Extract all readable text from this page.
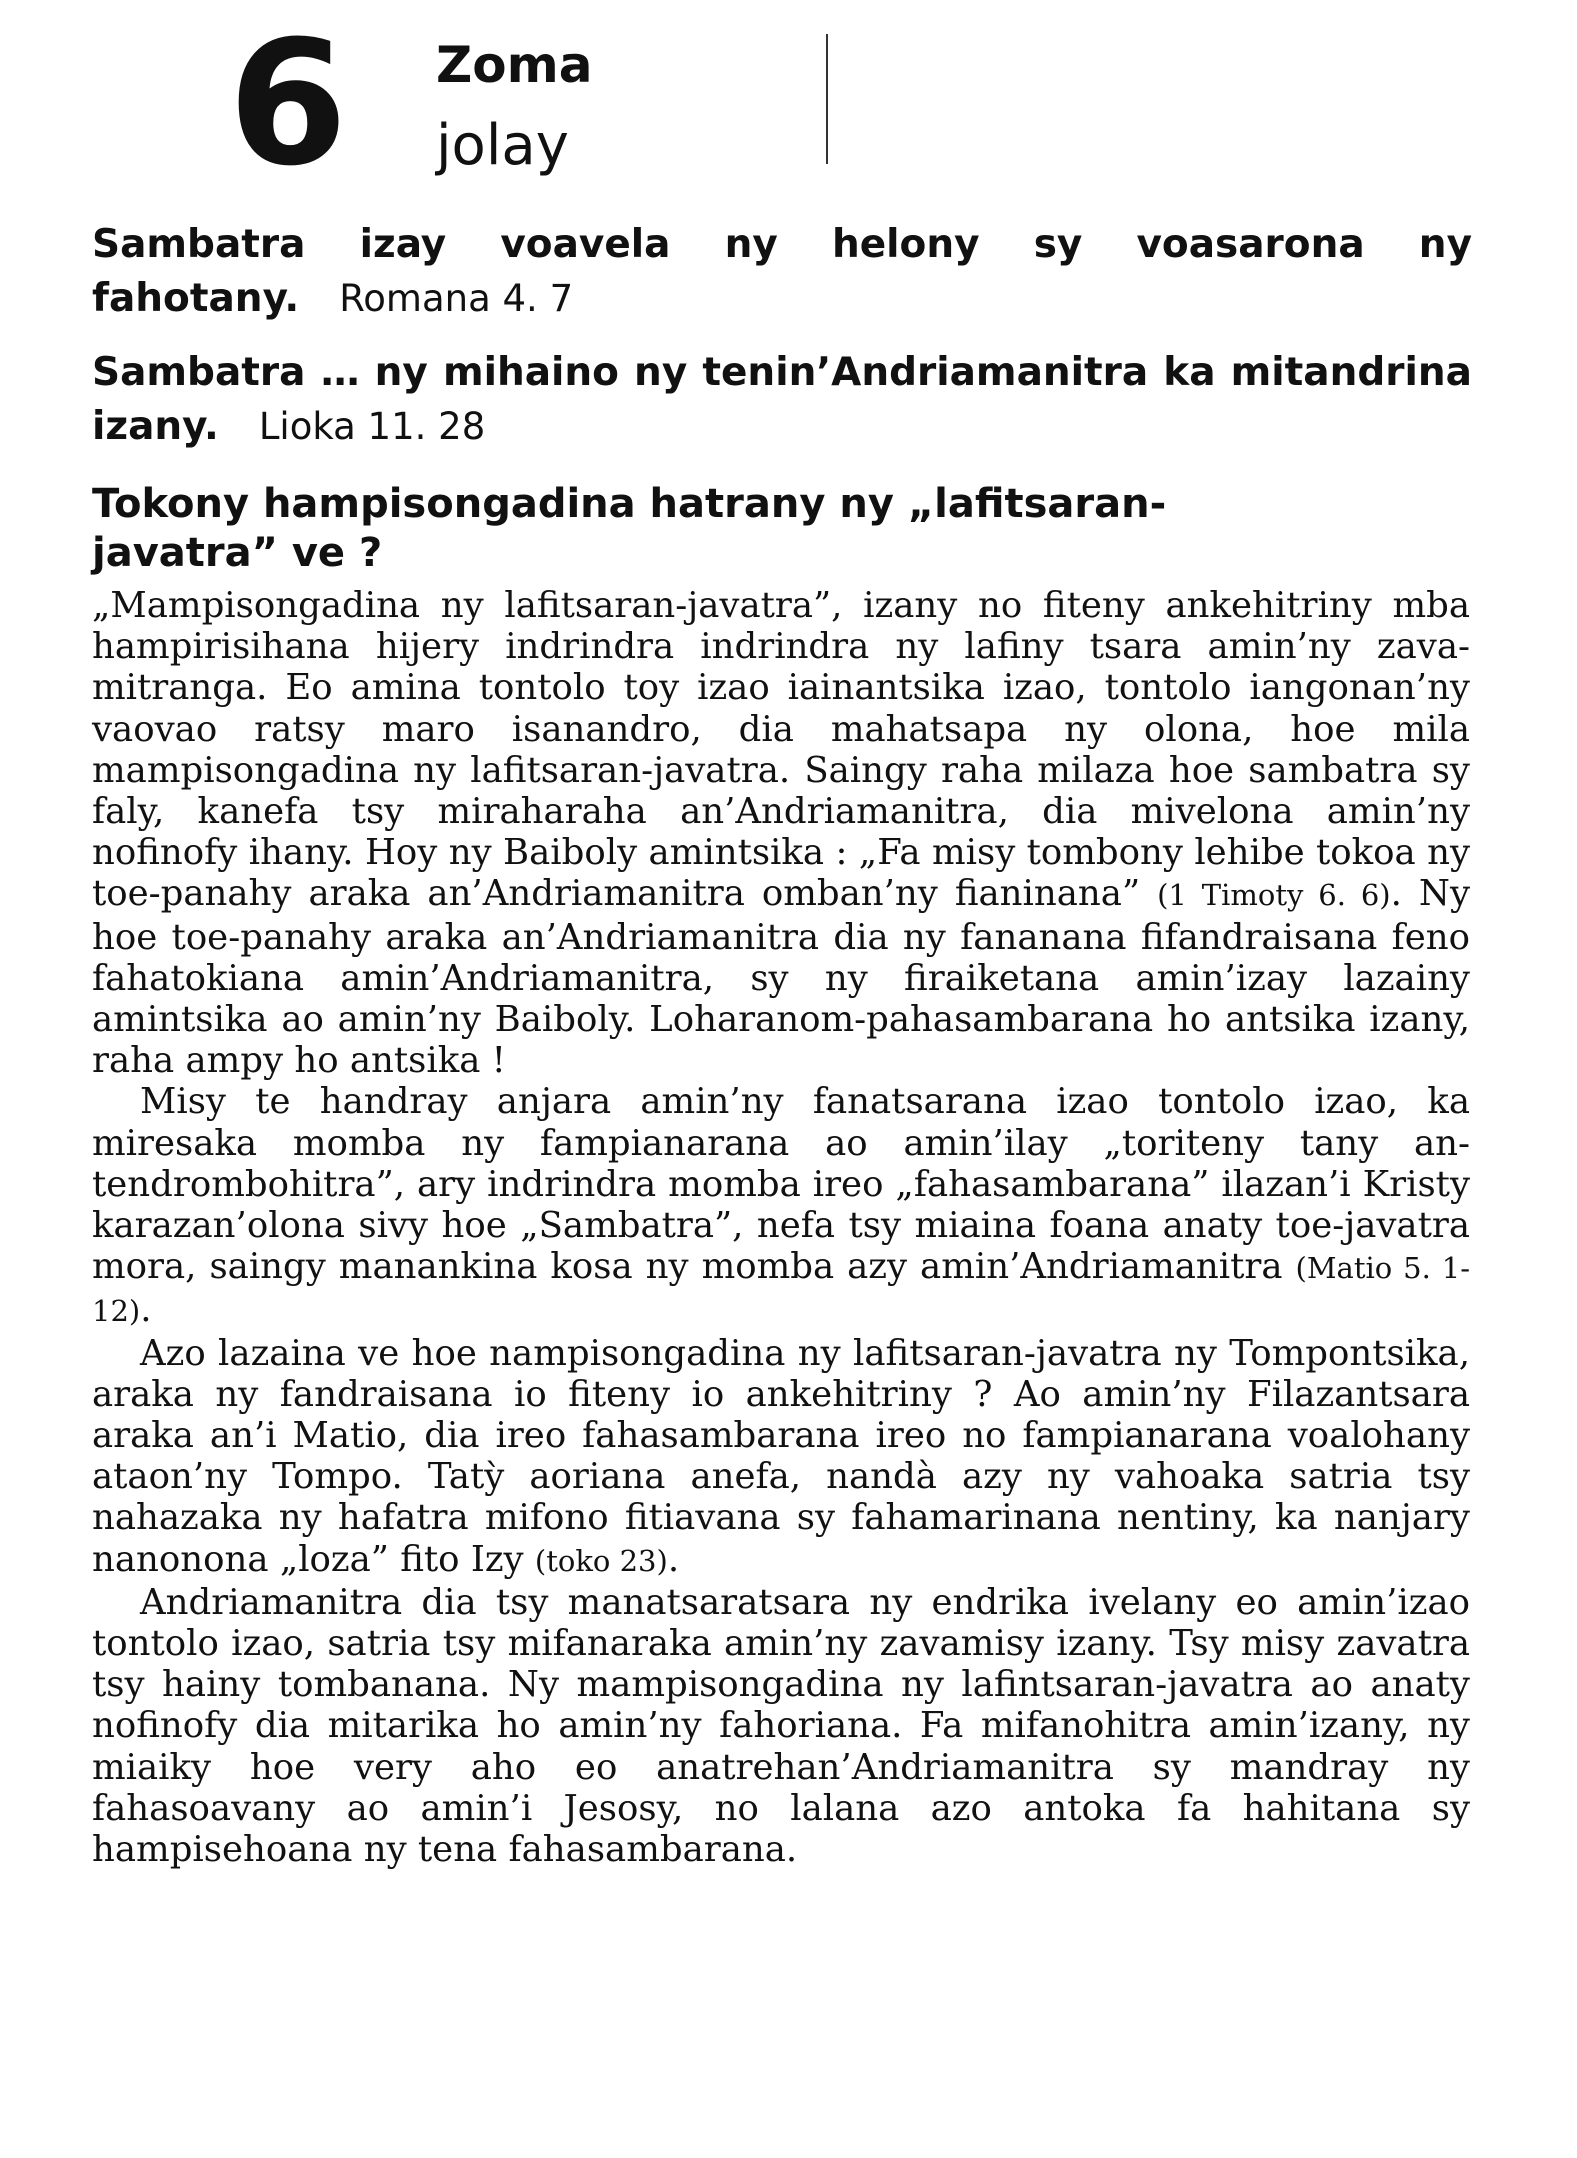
6 Zoma
jolay

Sambatra izay voavela ny helony sy voasarona ny fahotany. Romana 4. 7

Sambatra … ny mihaino ny tenin’Andriamanitra ka mitandrina izany. Lioka 11. 28

Tokony hampisongadina hatrany ny „lafitsaran-javatra” ve ?

„Mampisongadina ny lafitsaran-javatra”, izany no fiteny ankehitriny mba hampirisihana hijery indrindra indrindra ny lafiny tsara amin’ny zava-mitranga. Eo amina tontolo toy izao iainantsika izao, tontolo iangonan’ny vaovao ratsy maro isanandro, dia mahatsapa ny olona, hoe mila mampisongadina ny lafitsaran-javatra. Saingy raha milaza hoe sambatra sy faly, kanefa tsy miraharaha an’Andriamanitra, dia mivelona amin’ny nofinofy ihany. Hoy ny Baiboly amintsika : „Fa misy tombony lehibe tokoa ny toe-panahy araka an’Andriamanitra omban’ny fianinana” (1 Timoty 6. 6). Ny hoe toe-panahy araka an’Andriamanitra dia ny fananana fifandraisana feno fahatokiana amin’Andriamanitra, sy ny firaiketana amin’izay lazainy amintsika ao amin’ny Baiboly. Loharanom-pahasambarana ho antsika izany, raha ampy ho antsika !

Misy te handray anjara amin’ny fanatsarana izao tontolo izao, ka miresaka momba ny fampianarana ao amin’ilay „toriteny tany an-tendrombohitra”, ary indrindra momba ireo „fahasambarana” ilazan’i Kristy karazan’olona sivy hoe „Sambatra”, nefa tsy miaina foana anaty toe-javatra mora, saingy manankina kosa ny momba azy amin’Andriamanitra (Matio 5. 1-12).

Azo lazaina ve hoe nampisongadina ny lafitsaran-javatra ny Tompontsika, araka ny fandraisana io fiteny io ankehitriny ? Ao amin’ny Filazantsara araka an’i Matio, dia ireo fahasambarana ireo no fampianarana voalohany ataon’ny Tompo. Tatỳ aoriana anefa, nandà azy ny vahoaka satria tsy nahazaka ny hafatra mifono fitiavana sy fahamarinana nentiny, ka nanjary nanonona „loza” fito Izy (toko 23).

Andriamanitra dia tsy manatsaratsara ny endrika ivelany eo amin’izao tontolo izao, satria tsy mifanaraka amin’ny zavamisy izany. Tsy misy zavatra tsy hainy tombanana. Ny mampisongadina ny lafintsaran-javatra ao anaty nofinofy dia mitarika ho amin’ny fahoriana. Fa mifanohitra amin’izany, ny miaiky hoe very aho eo anatrehan’Andriamanitra sy mandray ny fahasoavany ao amin’i Jesosy, no lalana azo antoka fa hahitana sy hampisehoana ny tena fahasambarana.
